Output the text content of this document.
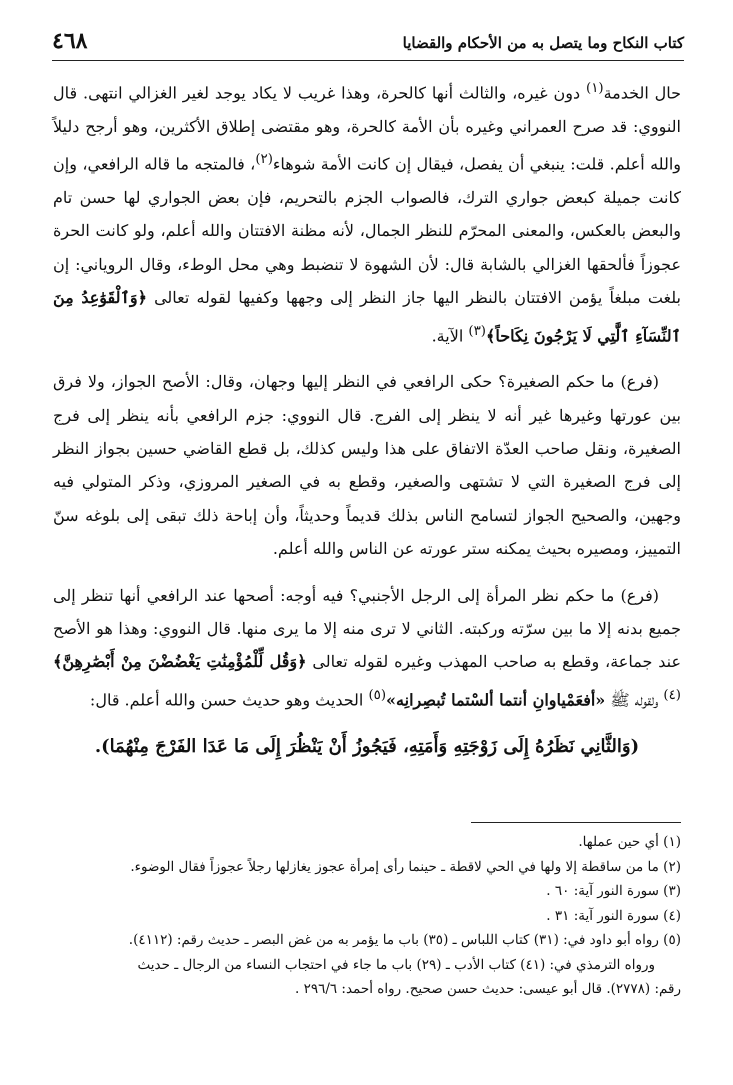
كتاب النكاح وما يتصل به من الأحكام والقضايا
٤٦٨

حال الخدمة$^{(١)}$ دون غيره، والثالث أنها كالحرة، وهذا غريب لا يكاد يوجد لغير الغزالي انتهى. قال النووي: قد صرح العمراني وغيره بأن الأمة كالحرة، وهو مقتضى إطلاق الأكثرين، وهو أرجح دليلاً والله أعلم. قلت: ينبغي أن يفصل، فيقال إن كانت الأمة شوهاء$^{(٢)}$، فالمتجه ما قاله الرافعي، وإن كانت جميلة كبعض جواري الترك، فالصواب الجزم بالتحريم، فإن بعض الجواري لها حسن تام والبعض بالعكس، والمعنى المحرّم للنظر الجمال، لأنه مظنة الافتتان والله أعلم، ولو كانت الحرة عجوزاً فألحقها الغزالي بالشابة قال: لأن الشهوة لا تنضبط وهي محل الوطء، وقال الروياني: إن بلغت مبلغاً يؤمن الافتتان بالنظر اليها جاز النظر إلى وجهها وكفيها لقوله تعالى ﴿وَٱلْقَوَٰعِدُ مِنَ ٱلنِّسَآءِ ٱلَّٰتِي لَا يَرْجُونَ نِكَاحاً﴾$^{(٣)}$ الآية.

(فرع) ما حكم الصغيرة؟ حكى الرافعي في النظر إليها وجهان، وقال: الأصح الجواز، ولا فرق بين عورتها وغيرها غير أنه لا ينظر إلى الفرج. قال النووي: جزم الرافعي بأنه ينظر إلى فرج الصغيرة، ونقل صاحب العدّة الاتفاق على هذا وليس كذلك، بل قطع القاضي حسين بجواز النظر إلى فرج الصغيرة التي لا تشتهى والصغير، وقطع به في الصغير المروزي، وذكر المتولي فيه وجهين، والصحيح الجواز لتسامح الناس بذلك قديماً وحديثاً، وأن إباحة ذلك تبقى إلى بلوغه سنّ التمييز، ومصيره بحيث يمكنه ستر عورته عن الناس والله أعلم.

(فرع) ما حكم نظر المرأة إلى الرجل الأجنبي؟ فيه أوجه: أصحها عند الرافعي أنها تنظر إلى جميع بدنه إلا ما بين سرّته وركبته. الثاني لا ترى منه إلا ما يرى منها. قال النووي: وهذا هو الأصح عند جماعة، وقطع به صاحب المهذب وغيره لقوله تعالى ﴿وَقُل لِّلْمُؤْمِنَٰتِ يَغْضُضْنَ مِنْ أَبْصَٰرِهِنَّ﴾$^{(٤)}$ ولقوله ﷺ «أفعَمْياوانِ أنتما ألسْتما تُبصِرانِه»$^{(٥)}$ الحديث وهو حديث حسن والله أعلم. قال:

(وَالثَّانِي نَظَرُهُ إِلَى زَوْجَتِهِ وَأَمَتِهِ، فَيَجُوزُ أَنْ يَنْظُرَ إِلَى مَا عَدَا الفَرْجَ مِنْهُمَا).

(١) أي حين عملها.

(٢) ما من ساقطة إلا ولها في الحي لاقطة ـ حينما رأى إمرأة عجوز يغازلها رجلاً عجوزاً فقال الوضوء.

(٣) سورة النور آية: ٦٠ .

(٤) سورة النور آية: ٣١ .

(٥) رواه أبو داود في: (٣١) كتاب اللباس ـ (٣٥) باب ما يؤمر به من غض البصر ـ حديث رقم: (٤١١٢).

ورواه الترمذي في: (٤١) كتاب الأدب ـ (٢٩) باب ما جاء في احتجاب النساء من الرجال ـ حديث

رقم: (٢٧٧٨). قال أبو عيسى: حديث حسن صحيح. رواه أحمد: ٢٩٦/٦ .
